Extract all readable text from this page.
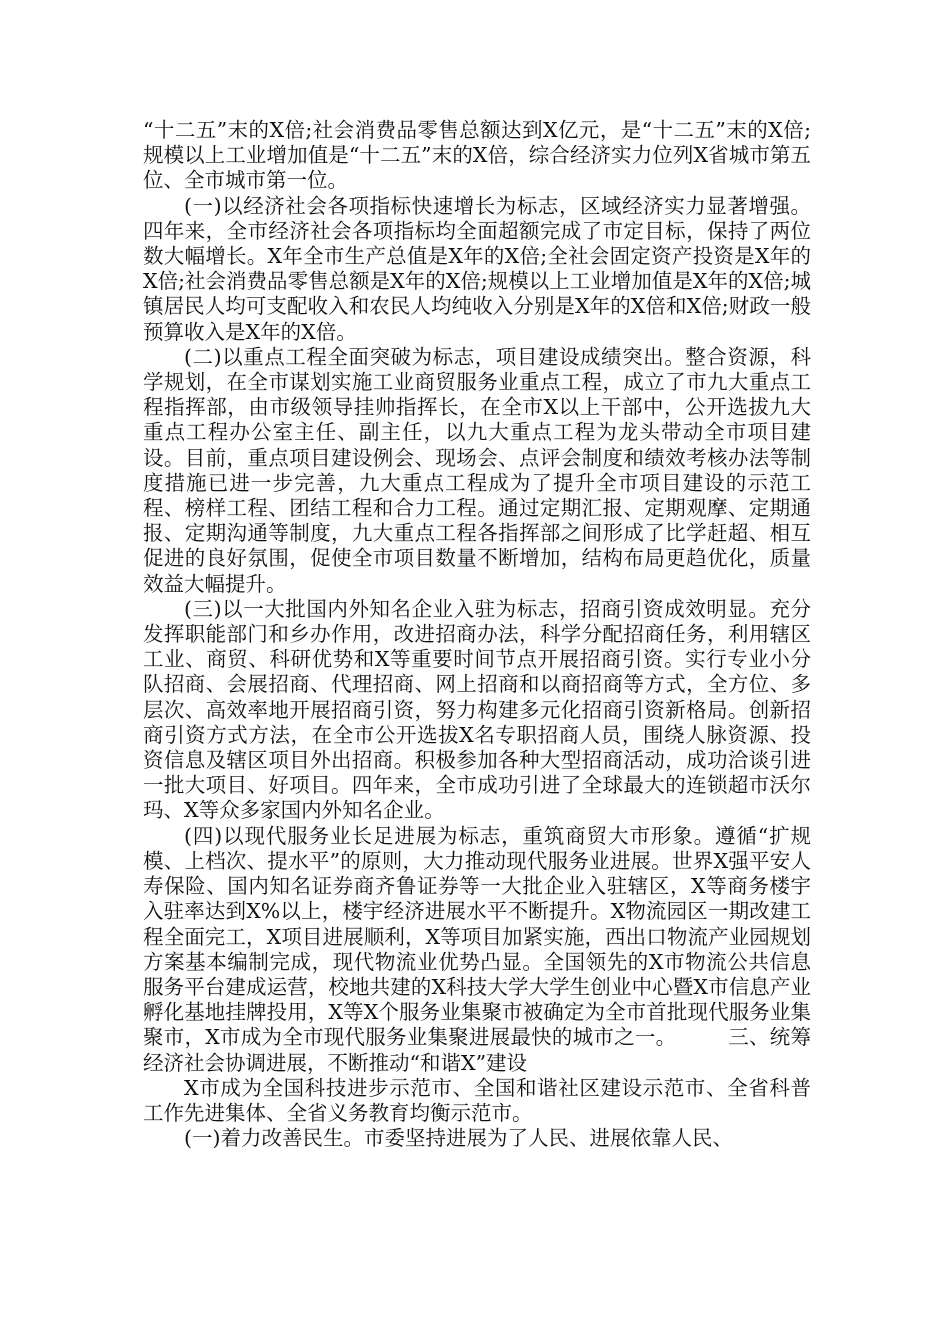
“十二五”末的X倍;社会消费品零售总额达到X亿元，是“十二五”末的X倍;规模以上工业增加值是“十二五”末的X倍，综合经济实力位列X省城市第五位、全市城市第一位。

(一)以经济社会各项指标快速增长为标志，区域经济实力显著增强。四年来，全市经济社会各项指标均全面超额完成了市定目标，保持了两位数大幅增长。X年全市生产总值是X年的X倍;全社会固定资产投资是X年的X倍;社会消费品零售总额是X年的X倍;规模以上工业增加值是X年的X倍;城镇居民人均可支配收入和农民人均纯收入分别是X年的X倍和X倍;财政一般预算收入是X年的X倍。

(二)以重点工程全面突破为标志，项目建设成绩突出。整合资源，科学规划，在全市谋划实施工业商贸服务业重点工程，成立了市九大重点工程指挥部，由市级领导挂帅指挥长，在全市X以上干部中，公开选拔九大重点工程办公室主任、副主任，以九大重点工程为龙头带动全市项目建设。目前，重点项目建设例会、现场会、点评会制度和绩效考核办法等制度措施已进一步完善，九大重点工程成为了提升全市项目建设的示范工程、榜样工程、团结工程和合力工程。通过定期汇报、定期观摩、定期通报、定期沟通等制度，九大重点工程各指挥部之间形成了比学赶超、相互促进的良好氛围，促使全市项目数量不断增加，结构布局更趋优化，质量效益大幅提升。

(三)以一大批国内外知名企业入驻为标志，招商引资成效明显。充分发挥职能部门和乡办作用，改进招商办法，科学分配招商任务，利用辖区工业、商贸、科研优势和X等重要时间节点开展招商引资。实行专业小分队招商、会展招商、代理招商、网上招商和以商招商等方式，全方位、多层次、高效率地开展招商引资，努力构建多元化招商引资新格局。创新招商引资方式方法，在全市公开选拔X名专职招商人员，围绕人脉资源、投资信息及辖区项目外出招商。积极参加各种大型招商活动，成功洽谈引进一批大项目、好项目。四年来，全市成功引进了全球最大的连锁超市沃尔玛、X等众多家国内外知名企业。

(四)以现代服务业长足进展为标志，重筑商贸大市形象。遵循“扩规模、上档次、提水平”的原则，大力推动现代服务业进展。世界X强平安人寿保险、国内知名证券商齐鲁证券等一大批企业入驻辖区，X等商务楼宇入驻率达到X%以上，楼宇经济进展水平不断提升。X物流园区一期改建工程全面完工，X项目进展顺利，X等项目加紧实施，西出口物流产业园规划方案基本编制完成，现代物流业优势凸显。全国领先的X市物流公共信息服务平台建成运营，校地共建的X科技大学大学生创业中心暨X市信息产业孵化基地挂牌投用，X等X个服务业集聚市被确定为全市首批现代服务业集聚市，X市成为全市现代服务业集聚进展最快的城市之一。　　　三、统筹经济社会协调进展，不断推动“和谐X”建设

X市成为全国科技进步示范市、全国和谐社区建设示范市、全省科普工作先进集体、全省义务教育均衡示范市。

(一)着力改善民生。市委坚持进展为了人民、进展依靠人民、
